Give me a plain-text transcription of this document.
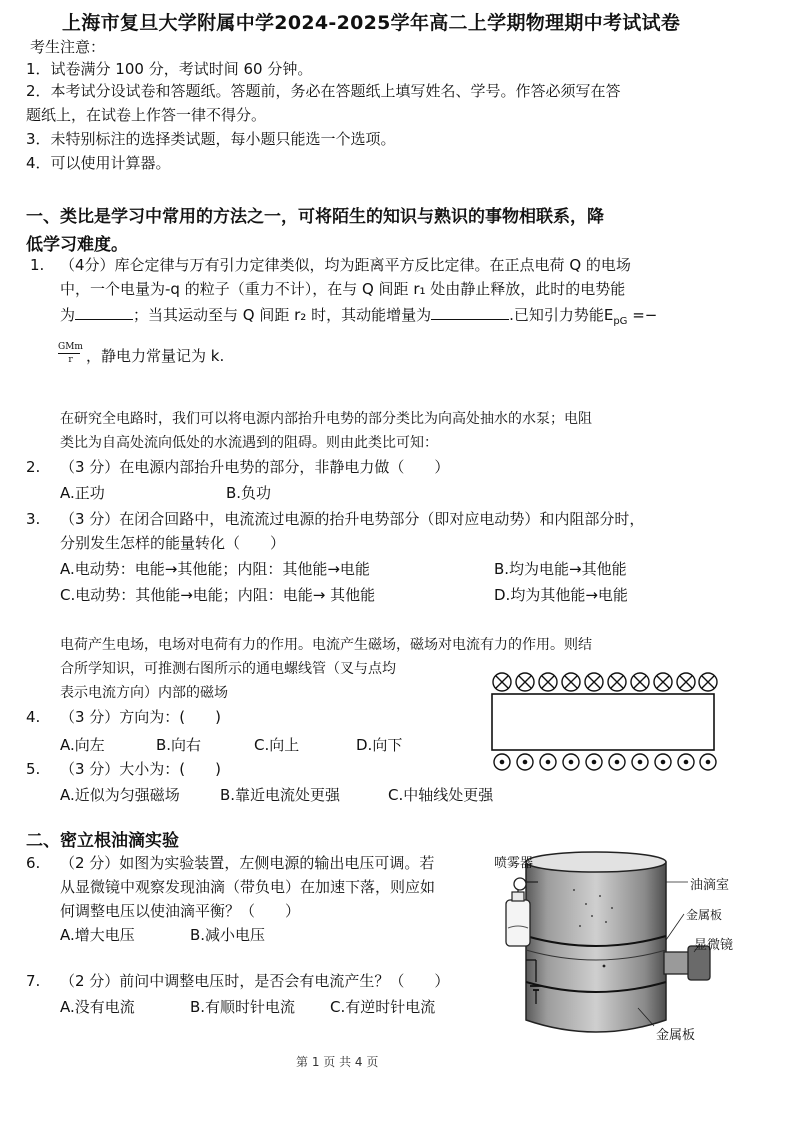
上海市复旦大学附属中学2024-2025学年高二上学期物理期中考试试卷
考生注意：
1．试卷满分 100 分，考试时间 60 分钟。
2．本考试分设试卷和答题纸。答题前，务必在答题纸上填写姓名、学号。作答必须写在答
题纸上，在试卷上作答一律不得分。
3．未特别标注的选择类试题，每小题只能选一个选项。
4．可以使用计算器。
一、类比是学习中常用的方法之一，可将陌生的知识与熟识的事物相联系，降
低学习难度。
1. （4分）库仑定律与万有引力定律类似，均为距离平方反比定律。在正点电荷 Q 的电场
中，一个电量为-q 的粒子（重力不计），在与 Q 间距 r₁ 处由静止释放，此时的电势能
为	；当其运动至与 Q 间距 r₂ 时，其动能增量为	.已知引力势能$E_{pG}$ =−
GMm
r ，静电力常量记为 k.
在研究全电路时，我们可以将电源内部抬升电势的部分类比为向高处抽水的水泵；电阻
类比为自高处流向低处的水流遇到的阻碍。则由此类比可知：
2. （3 分）在电源内部抬升电势的部分，非静电力做（　　）
A.正功	B.负功
3. （3 分）在闭合回路中，电流流过电源的抬升电势部分（即对应电动势）和内阻部分时，
分别发生怎样的能量转化（　　）
A.电动势：电能→其他能；内阻：其他能→电能	B.均为电能→其他能
C.电动势：其他能→电能；内阻：电能→ 其他能	D.均为其他能→电能
电荷产生电场，电场对电荷有力的作用。电流产生磁场，磁场对电流有力的作用。则结
合所学知识，可推测右图所示的通电螺线管（叉与点均
表示电流方向）内部的磁场
4. （3 分）方向为：(　　)
A.向左	B.向右	C.向上	D.向下
5. （3 分）大小为：(　　)
A.近似为匀强磁场	B.靠近电流处更强	C.中轴线处更强
二、密立根油滴实验
6. （2 分）如图为实验装置，左侧电源的输出电压可调。若
从显微镜中观察发现油滴（带负电）在加速下落，则应如
何调整电压以使油滴平衡？（　　）
A.增大电压	B.减小电压
7. （2 分）前问中调整电压时，是否会有电流产生？（　　）
A.没有电流	B.有顺时针电流 C.有逆时针电流
喷雾器
油滴室
金属板
显微镜
金属板
第 1 页 共 4 页
